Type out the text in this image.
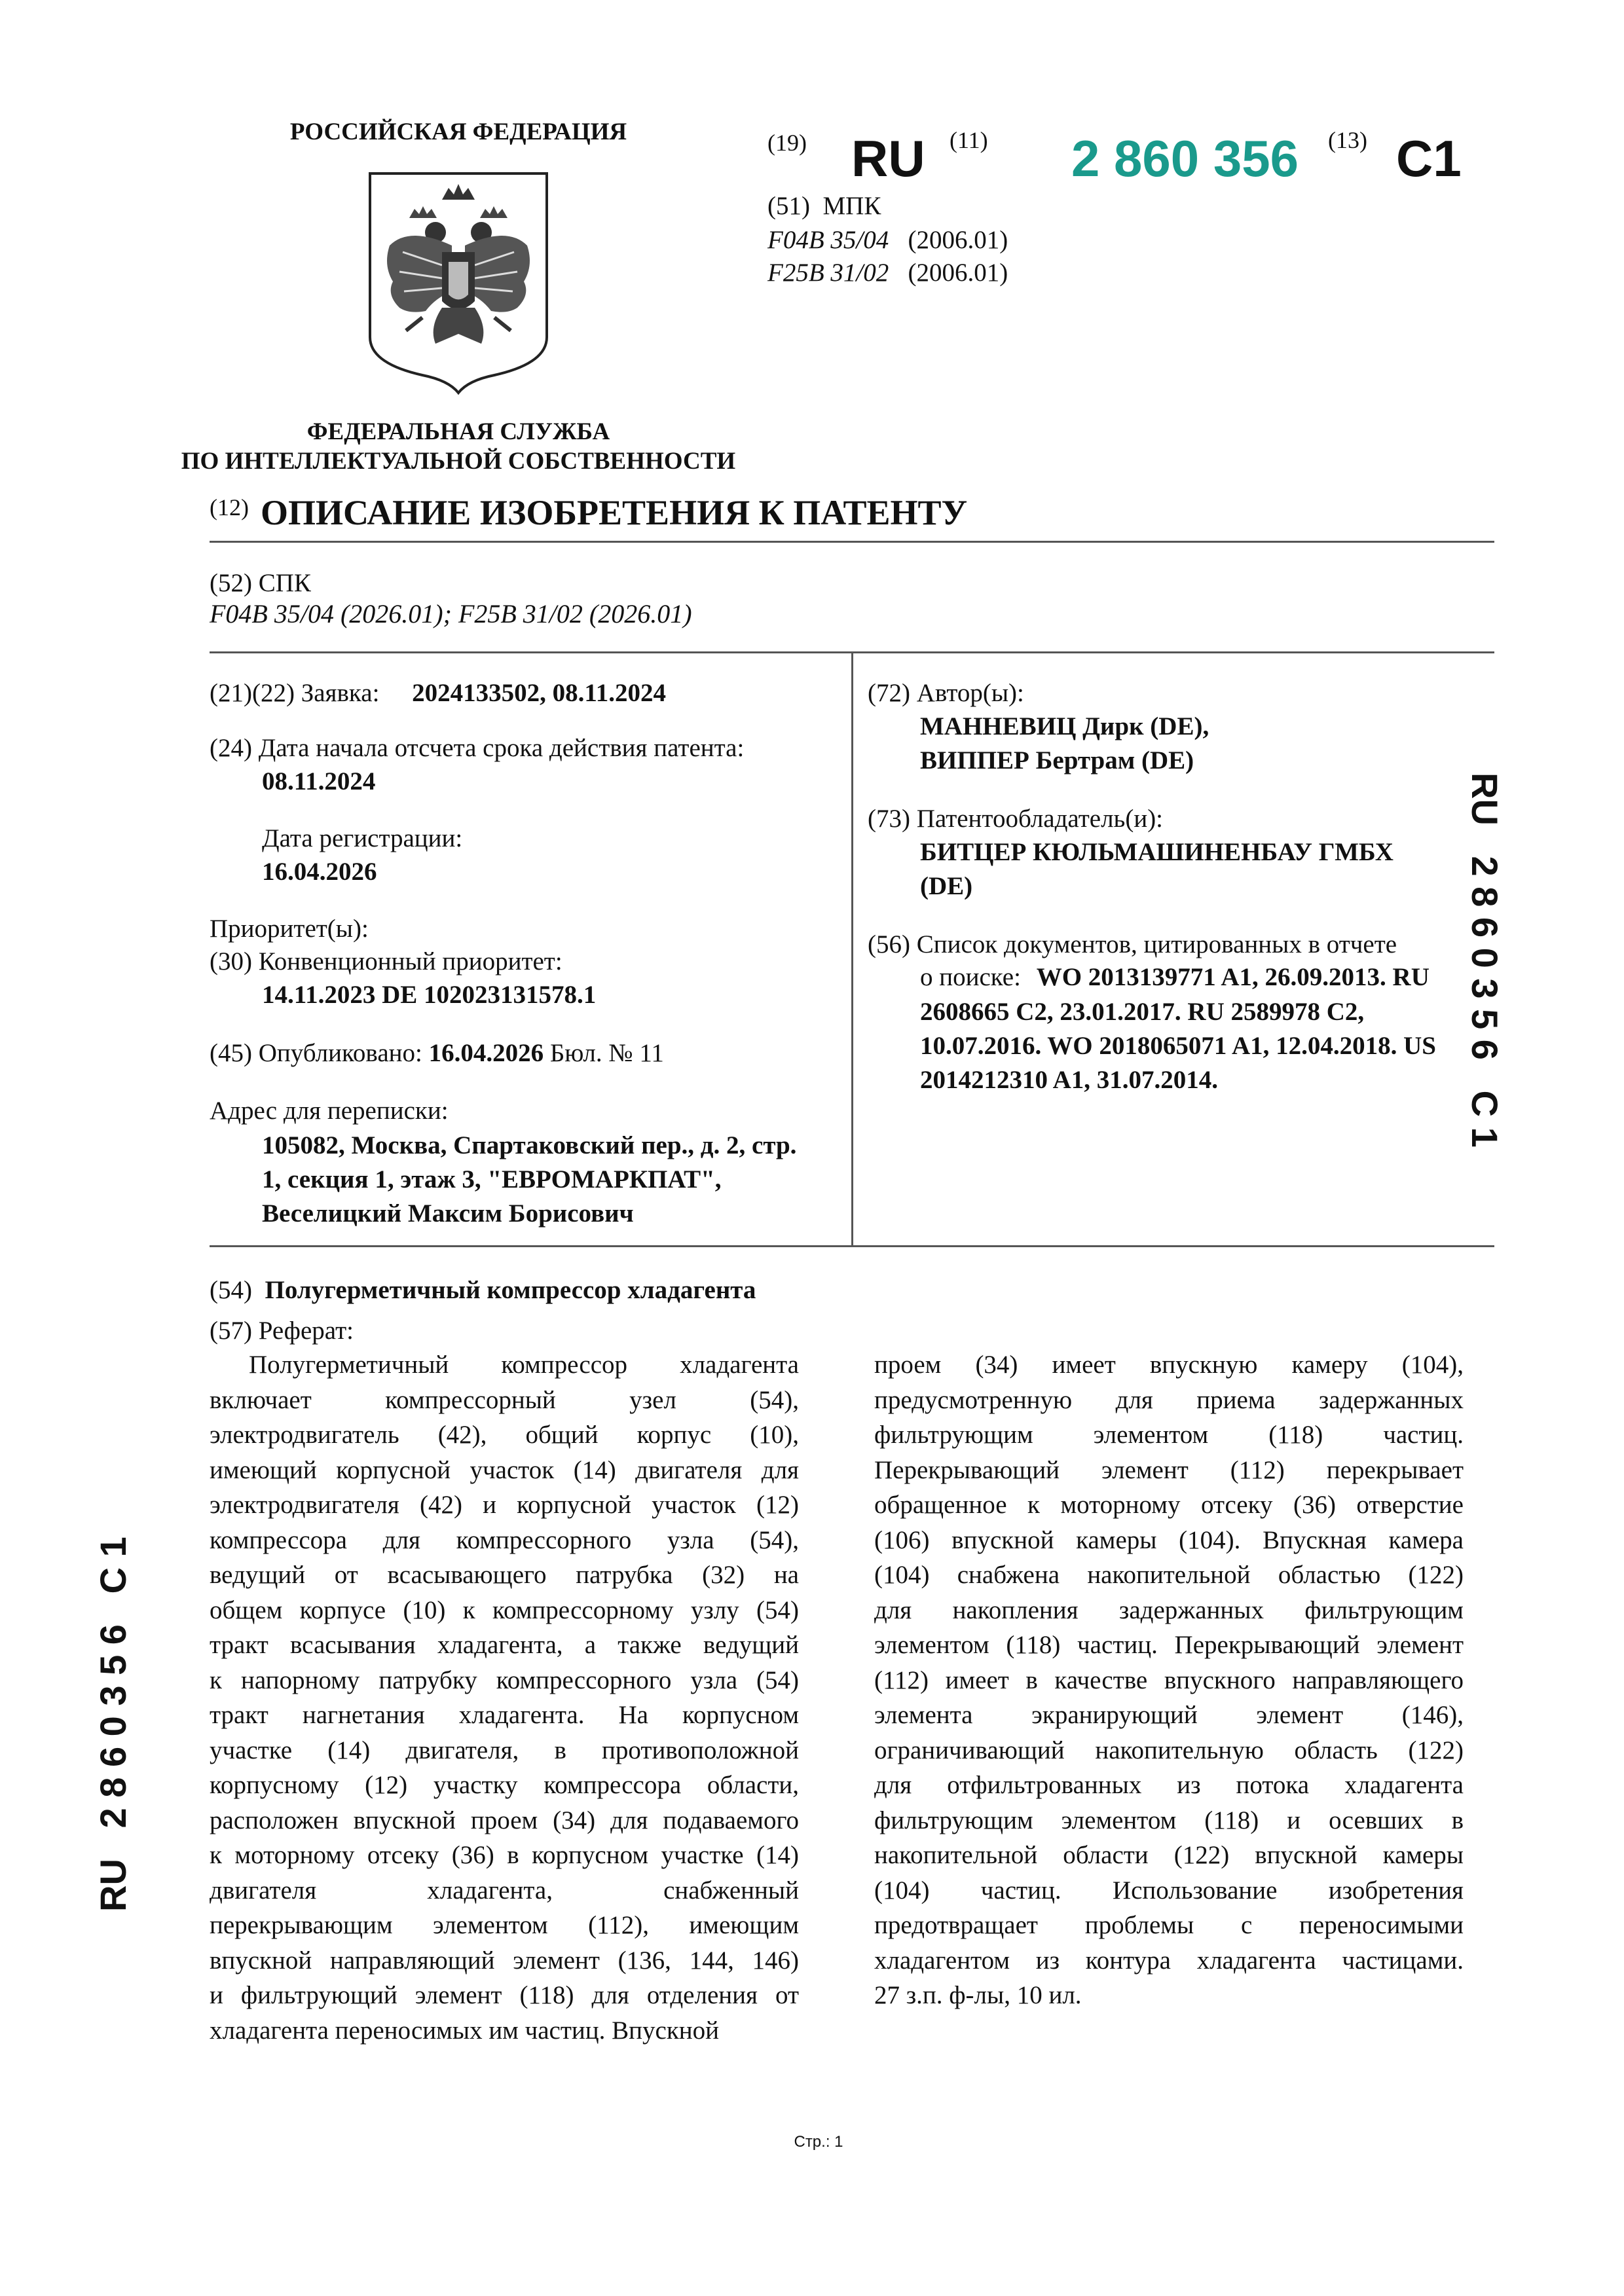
РОССИЙСКАЯ ФЕДЕРАЦИЯ
ФЕДЕРАЛЬНАЯ СЛУЖБА
ПО ИНТЕЛЛЕКТУАЛЬНОЙ СОБСТВЕННОСТИ
(19) RU (11) 2 860 356 (13) C1
(51) МПК
F04B 35/04 (2006.01)
F25B 31/02 (2006.01)
(12) ОПИСАНИЕ ИЗОБРЕТЕНИЯ К ПАТЕНТУ
(52) СПК
F04B 35/04 (2026.01); F25B 31/02 (2026.01)
(21)(22) Заявка: 2024133502, 08.11.2024
(24) Дата начала отсчета срока действия патента:
08.11.2024
Дата регистрации:
16.04.2026
Приоритет(ы):
(30) Конвенционный приоритет:
14.11.2023 DE 102023131578.1
(45) Опубликовано: 16.04.2026 Бюл. № 11
Адрес для переписки:
105082, Москва, Спартаковский пер., д. 2, стр.
1, секция 1, этаж 3, "ЕВРОМАРКПАТ",
Веселицкий Максим Борисович
(72) Автор(ы):
МАННЕВИЦ Дирк (DE),
ВИППЕР Бертрам (DE)
(73) Патентообладатель(и):
БИТЦЕР КЮЛЬМАШИНЕНБАУ ГМБХ
(DE)
(56) Список документов, цитированных в отчете
о поиске: WO 2013139771 A1, 26.09.2013. RU
2608665 C2, 23.01.2017. RU 2589978 C2,
10.07.2016. WO 2018065071 A1, 12.04.2018. US
2014212310 A1, 31.07.2014.
(54) Полугерметичный компрессор хладагента
(57) Реферат:
Полугерметичный компрессор хладагента
включает компрессорный узел (54),
электродвигатель (42), общий корпус (10),
имеющий корпусной участок (14) двигателя для
электродвигателя (42) и корпусной участок (12)
компрессора для компрессорного узла (54),
ведущий от всасывающего патрубка (32) на
общем корпусе (10) к компрессорному узлу (54)
тракт всасывания хладагента, а также ведущий
к напорному патрубку компрессорного узла (54)
тракт нагнетания хладагента. На корпусном
участке (14) двигателя, в противоположной
корпусному (12) участку компрессора области,
расположен впускной проем (34) для подаваемого
к моторному отсеку (36) в корпусном участке (14)
двигателя хладагента, снабженный
перекрывающим элементом (112), имеющим
впускной направляющий элемент (136, 144, 146)
и фильтрующий элемент (118) для отделения от
хладагента переносимых им частиц. Впускной
проем (34) имеет впускную камеру (104),
предусмотренную для приема задержанных
фильтрующим элементом (118) частиц.
Перекрывающий элемент (112) перекрывает
обращенное к моторному отсеку (36) отверстие
(106) впускной камеры (104). Впускная камера
(104) снабжена накопительной областью (122)
для накопления задержанных фильтрующим
элементом (118) частиц. Перекрывающий элемент
(112) имеет в качестве впускного направляющего
элемента экранирующий элемент (146),
ограничивающий накопительную область (122)
для отфильтрованных из потока хладагента
фильтрующим элементом (118) и осевших в
накопительной области (122) впускной камеры
(104) частиц. Использование изобретения
предотвращает проблемы с переносимыми
хладагентом из контура хладагента частицами.
27 з.п. ф-лы, 10 ил.
RU   2 8 6 0 3 5 6   C 1
RU   2 8 6 0 3 5 6   C 1
Стр.: 1
